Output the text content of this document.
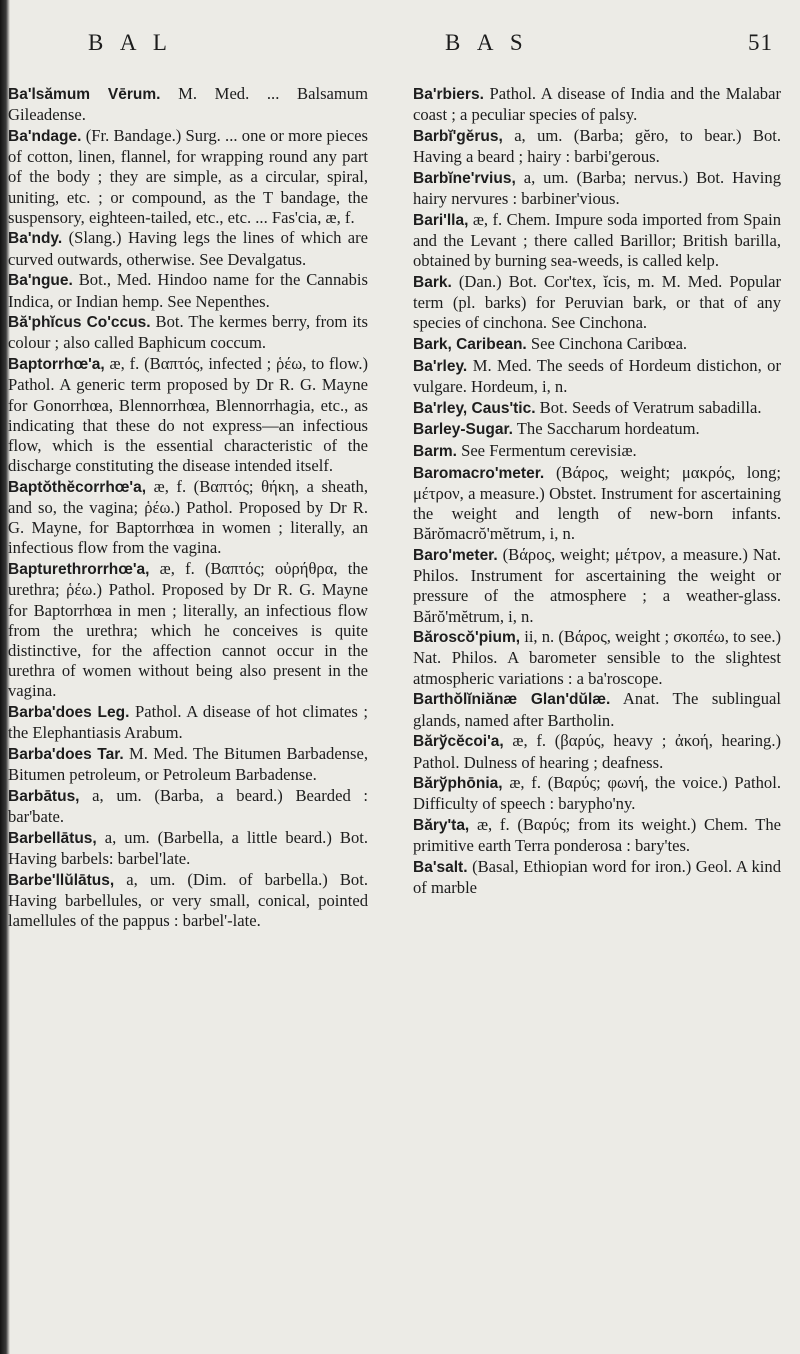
B A L	B A S	51

Ba'lsămum Vērum. M. Med. ... Balsamum Gileadense.

Ba'ndage. (Fr. Bandage.) Surg. ... one or more pieces of cotton, linen, flannel, for wrapping round any part of the body ; they are simple, as a circular, spiral, uniting, etc. ; or compound, as the T bandage, the suspensory, eighteen-tailed, etc., etc. ... Fas'cia, æ, f.

Ba'ndy. (Slang.) Having legs the lines of which are curved outwards, otherwise. See Devalgatus.

Ba'ngue. Bot., Med. Hindoo name for the Cannabis Indica, or Indian hemp. See Nepenthes.

Bă'phĭcus Co'ccus. Bot. The kermes berry, from its colour ; also called Baphicum coccum.

Baptorrhœ'a, æ, f. (Βαπτός, infected ; ῥέω, to flow.) Pathol. A generic term proposed by Dr R. G. Mayne for Gonorrhœa, Blennorrhœa, Blennorrhagia, etc., as indicating that these do not express—an infectious flow, which is the essential characteristic of the discharge constituting the disease intended itself.

Baptŏthĕcorrhœ'a, æ, f. (Βαπτός; θήκη, a sheath, and so, the vagina; ῥέω.) Pathol. Proposed by Dr R. G. Mayne, for Baptorrhœa in women ; literally, an infectious flow from the vagina.

Bapturethrorrhœ'a, æ, f. (Βαπτός; οὐρήθρα, the urethra; ῥέω.) Pathol. Proposed by Dr R. G. Mayne for Baptorrhœa in men ; literally, an infectious flow from the urethra; which he conceives is quite distinctive, for the affection cannot occur in the urethra of women without being also present in the vagina.

Barba'does Leg. Pathol. A disease of hot climates ; the Elephantiasis Arabum.

Barba'does Tar. M. Med. The Bitumen Barbadense, Bitumen petroleum, or Petroleum Barbadense.

Barbātus, a, um. (Barba, a beard.) Bearded : bar'bate.

Barbellātus, a, um. (Barbella, a little beard.) Bot. Having barbels: barbel'late.

Barbe'llŭlātus, a, um. (Dim. of barbella.) Bot. Having barbellules, or very small, conical, pointed lamellules of the pappus : barbel'-late.

Ba'rbiers. Pathol. A disease of India and the Malabar coast ; a peculiar species of palsy.

Barbĭ'gĕrus, a, um. (Barba; gĕro, to bear.) Bot. Having a beard ; hairy : barbi'gerous.

Barbĭne'rvius, a, um. (Barba; nervus.) Bot. Having hairy nervures : barbiner'vious.

Bari'lla, æ, f. Chem. Impure soda imported from Spain and the Levant ; there called Barillor; British barilla, obtained by burning sea-weeds, is called kelp.

Bark. (Dan.) Bot. Cor'tex, ĭcis, m. M. Med. Popular term (pl. barks) for Peruvian bark, or that of any species of cinchona. See Cinchona.

Bark, Caribean. See Cinchona Caribœa.

Ba'rley. M. Med. The seeds of Hordeum distichon, or vulgare. Hordeum, i, n.

Ba'rley, Caus'tic. Bot. Seeds of Veratrum sabadilla.

Barley-Sugar. The Saccharum hordeatum.

Barm. See Fermentum cerevisiæ.

Baromacro'meter. (Βάρος, weight; μακρός, long; μέτρον, a measure.) Obstet. Instrument for ascertaining the weight and length of new-born infants. Bărŏmacrŏ'mĕtrum, i, n.

Baro'meter. (Βάρος, weight; μέτρον, a measure.) Nat. Philos. Instrument for ascertaining the weight or pressure of the atmosphere ; a weather-glass. Bărŏ'mĕtrum, i, n.

Băroscŏ'pium, ii, n. (Βάρος, weight ; σκοπέω, to see.) Nat. Philos. A barometer sensible to the slightest atmospheric variations : a ba'roscope.

Barthŏlĭniănæ Glan'dŭlæ. Anat. The sublingual glands, named after Bartholin.

Bărўcĕcoi'a, æ, f. (βαρύς, heavy ; ἀκοή, hearing.) Pathol. Dulness of hearing ; deafness.

Bărўphōnia, æ, f. (Βαρύς; φωνή, the voice.) Pathol. Difficulty of speech : barypho'ny.

Băry'ta, æ, f. (Βαρύς; from its weight.) Chem. The primitive earth Terra ponderosa : bary'tes.

Ba'salt. (Basal, Ethiopian word for iron.) Geol. A kind of marble
